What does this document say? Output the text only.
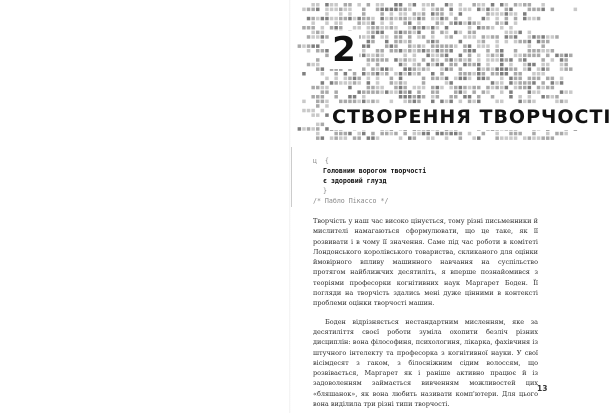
2
СТВОРЕННЯ ТВОРЧОСТІ
ц  {
Головним ворогом творчості
є здоровий глузд
}
/* Пабло Пікассо */

Творчість у наш час високо цінується, тому різні письменники й мислителі намагаються сформулювати, що це таке, як її розвивати і в чому її значення. Саме під час роботи в комітеті Лондонського королівського товариства, скликаного для оцінки ймовірного впливу машинного навчання на суспільство протягом найближчих десятиліть, я вперше познайомився з теоріями професорки когнітивних наук Маргарет Боден. Її погляди на творчість здались мені дуже цінними в контексті проблеми оцінки творчості машин.

Боден відрізняється нестандартним мисленням, яке за десятиліття своєї роботи зуміла охопити безліч різних дисциплін: вона філософиня, психологиня, лікарка, фахівчиня із штучного інтелекту та професорка з когнітивної науки. У свої вісімдесят з гаком, з білосніжним сідим волоссям, що розвівається, Маргарет як і раніше активно працює й із задоволенням займається вивченням можливостей цих «бляшанок», як вона любить називати комп'ютери. Для цього вона виділила три різні типи творчості.

13
